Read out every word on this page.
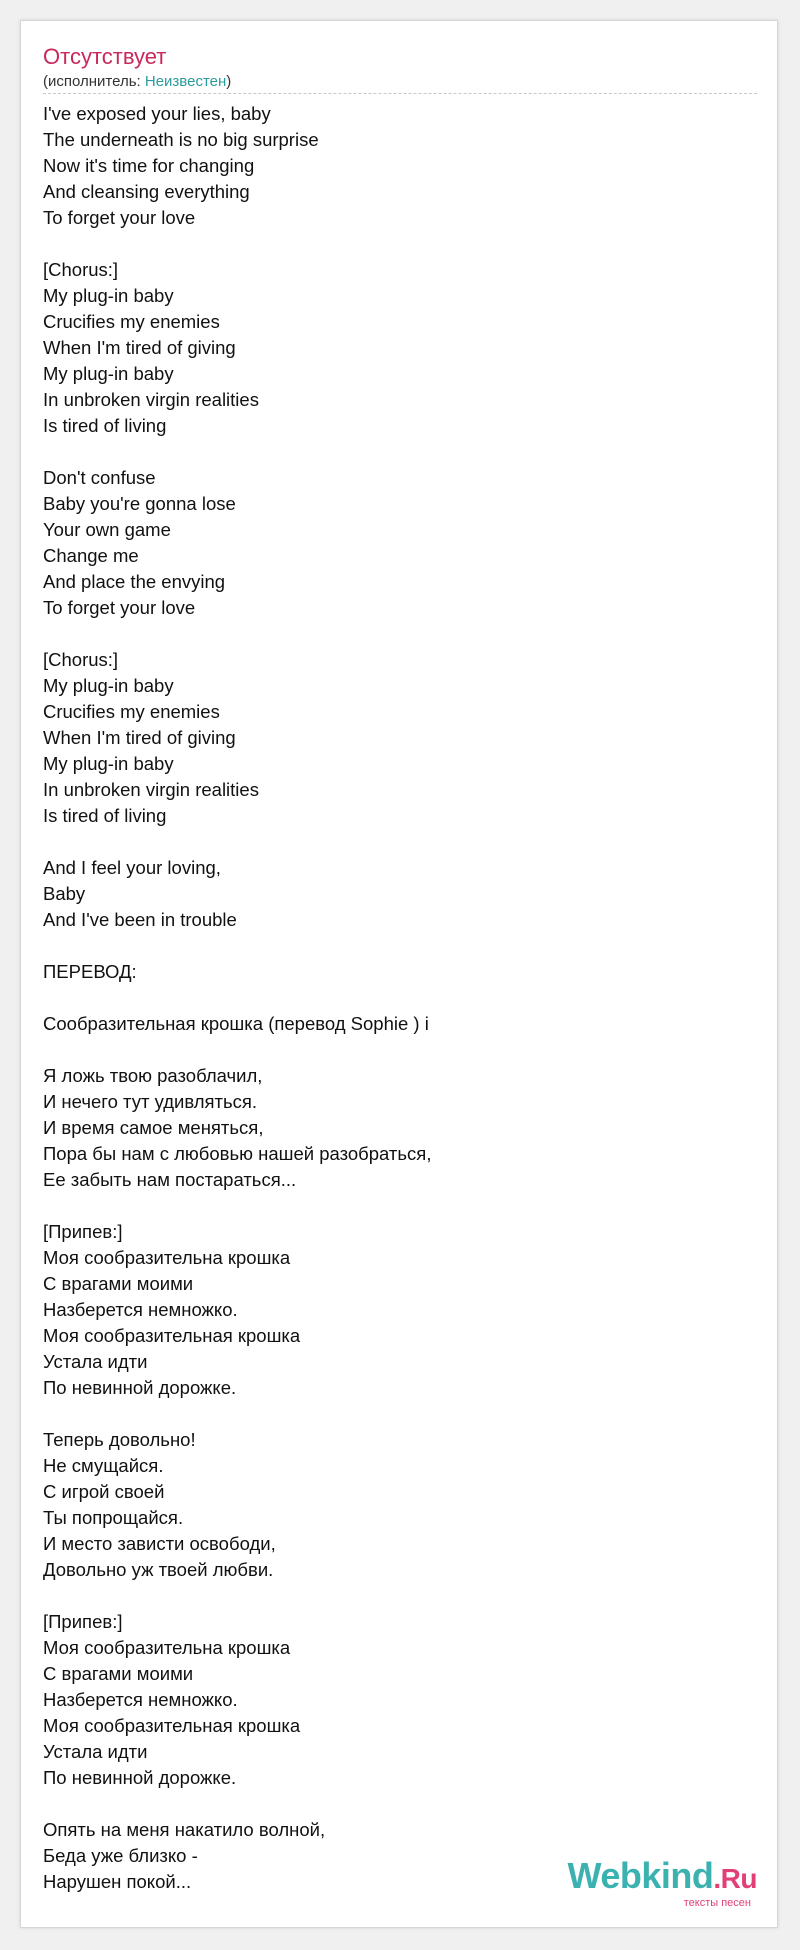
Отсутствует
(исполнитель: Неизвестен)
I've exposed your lies, baby
The underneath is no big surprise
Now it's time for changing
And cleansing everything
To forget your love
[Chorus:]
My plug-in baby
Crucifies my enemies
When I'm tired of giving
My plug-in baby
In unbroken virgin realities
Is tired of living
Don't confuse
Baby you're gonna lose
Your own game
Change me
And place the envying
To forget your love
[Chorus:]
My plug-in baby
Crucifies my enemies
When I'm tired of giving
My plug-in baby
In unbroken virgin realities
Is tired of living
And I feel your loving,
Baby
And I've been in trouble
ПЕРЕВОД:
Сообразительная крошка (перевод Sophie ) i
Я ложь твою разоблачил,
И нечего тут удивляться.
И время самое меняться,
Пора бы нам с любовью нашей разобраться,
Ее забыть нам постараться...
[Припев:]
Моя сообразительна крошка
С врагами моими
Назберется немножко.
Моя сообразительная крошка
Устала идти
По невинной дорожке.
Теперь довольно!
Не смущайся.
С игрой своей
Ты попрощайся.
И место зависти освободи,
Довольно уж твоей любви.
[Припев:]
Моя сообразительна крошка
С врагами моими
Назберется немножко.
Моя сообразительная крошка
Устала идти
По невинной дорожке.
Опять на меня накатило волной,
Беда уже близко -
Нарушен покой...	Webkind.Ru
тексты песен
